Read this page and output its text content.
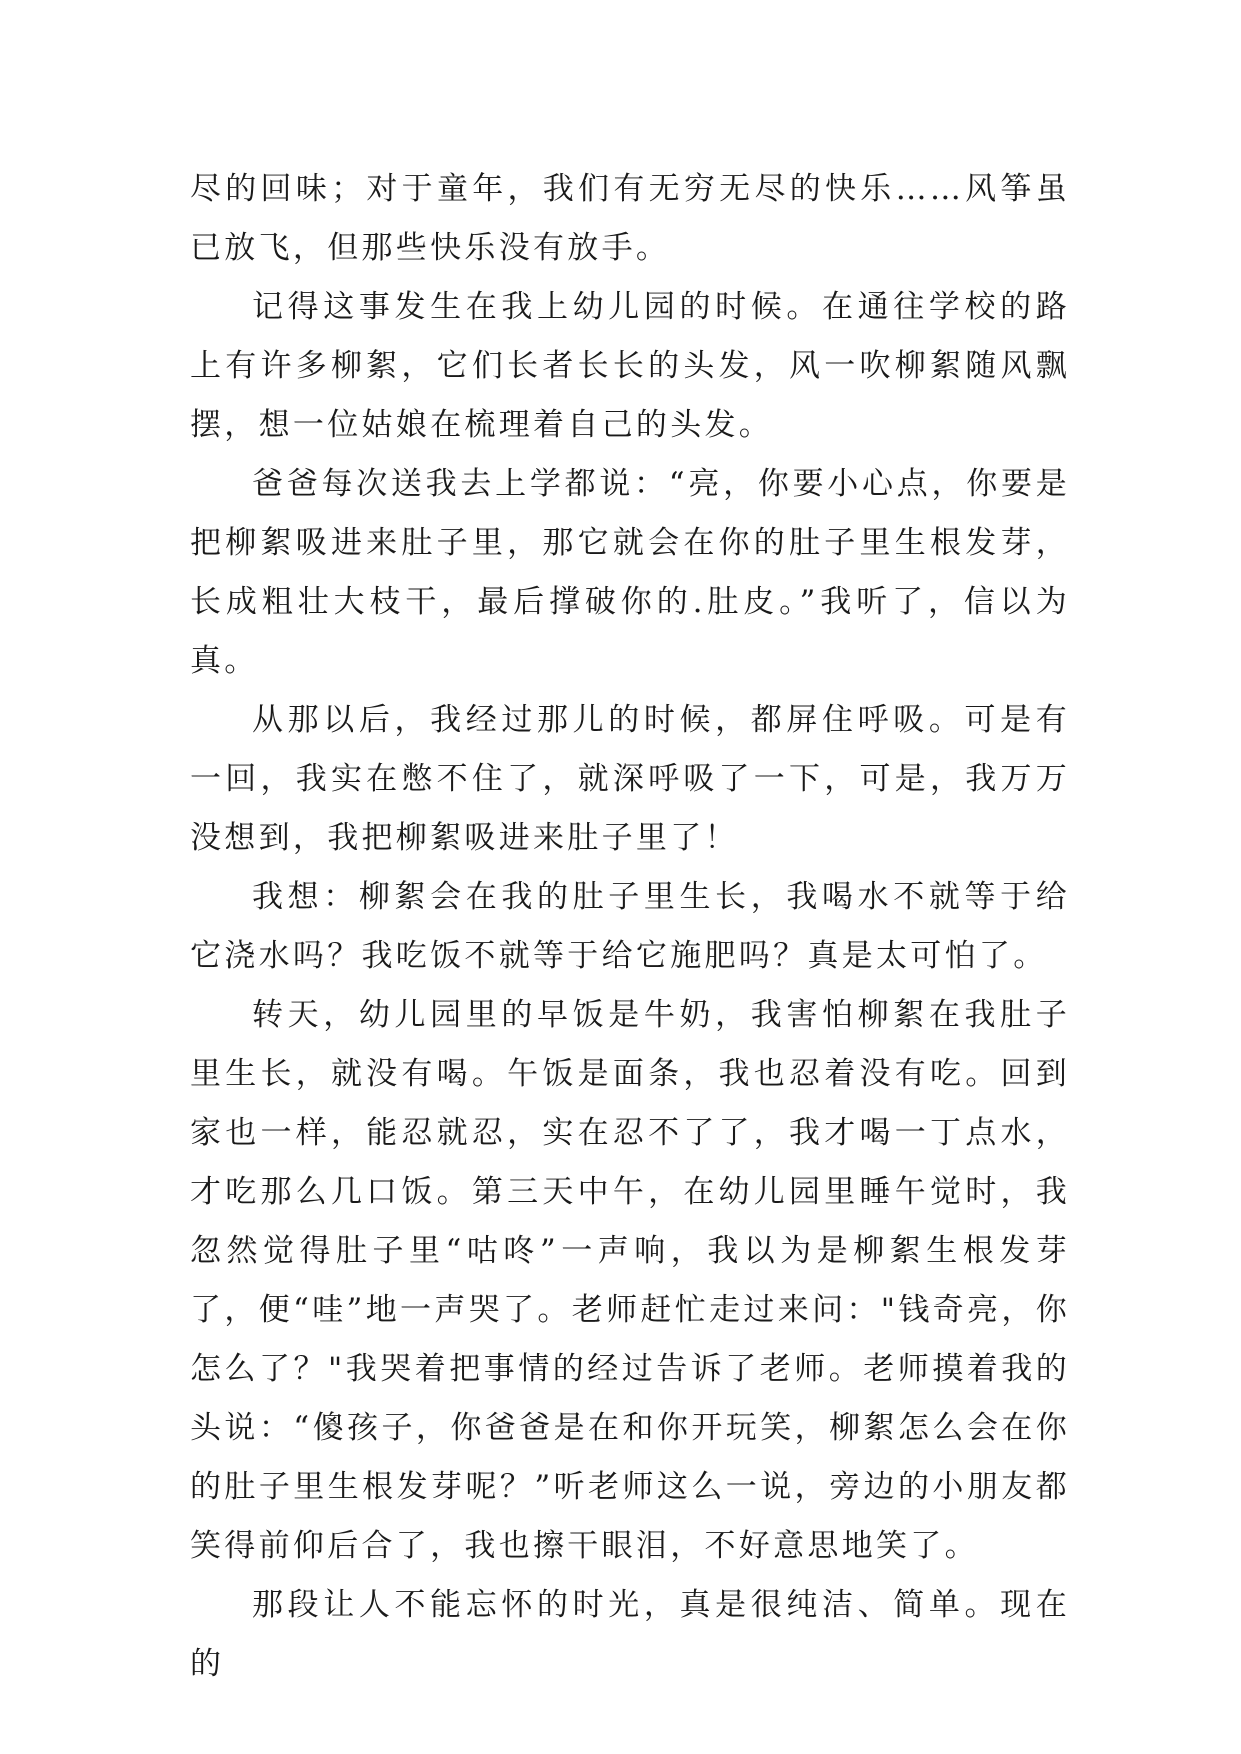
尽的回味；对于童年，我们有无穷无尽的快乐……风筝虽已放飞，但那些快乐没有放手。

记得这事发生在我上幼儿园的时候。在通往学校的路上有许多柳絮，它们长者长长的头发，风一吹柳絮随风飘摆，想一位姑娘在梳理着自己的头发。

爸爸每次送我去上学都说：“亮，你要小心点，你要是把柳絮吸进来肚子里，那它就会在你的肚子里生根发芽，长成粗壮大枝干，最后撑破你的.肚皮。”我听了，信以为真。

从那以后，我经过那儿的时候，都屏住呼吸。可是有一回，我实在憋不住了，就深呼吸了一下，可是，我万万没想到，我把柳絮吸进来肚子里了！

我想：柳絮会在我的肚子里生长，我喝水不就等于给它浇水吗？我吃饭不就等于给它施肥吗？真是太可怕了。

转天，幼儿园里的早饭是牛奶，我害怕柳絮在我肚子里生长，就没有喝。午饭是面条，我也忍着没有吃。回到家也一样，能忍就忍，实在忍不了了，我才喝一丁点水，才吃那么几口饭。第三天中午，在幼儿园里睡午觉时，我忽然觉得肚子里“咕咚”一声响，我以为是柳絮生根发芽了，便“哇”地一声哭了。老师赶忙走过来问："钱奇亮，你怎么了？"我哭着把事情的经过告诉了老师。老师摸着我的头说：“傻孩子，你爸爸是在和你开玩笑，柳絮怎么会在你的肚子里生根发芽呢？”听老师这么一说，旁边的小朋友都笑得前仰后合了，我也擦干眼泪，不好意思地笑了。

那段让人不能忘怀的时光，真是很纯洁、简单。现在的
